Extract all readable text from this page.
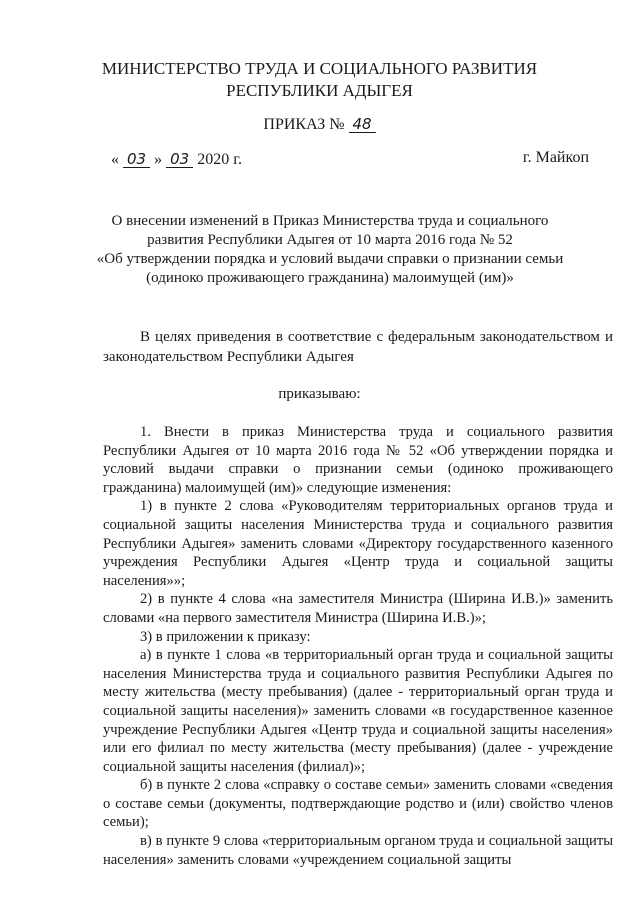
МИНИСТЕРСТВО ТРУДА И СОЦИАЛЬНОГО РАЗВИТИЯ
РЕСПУБЛИКИ АДЫГЕЯ
ПРИКАЗ № 48
« 03 » 03 2020 г.	г. Майкоп
О внесении изменений в Приказ Министерства труда и социального
развития Республики Адыгея от 10 марта 2016 года № 52
«Об утверждении порядка и условий выдачи справки о признании семьи
(одиноко проживающего гражданина) малоимущей (им)»

В целях приведения в соответствие с федеральным законодательством и законодательством Республики Адыгея

приказываю:

1. Внести в приказ Министерства труда и социального развития Республики Адыгея от 10 марта 2016 года № 52 «Об утверждении порядка и условий выдачи справки о признании семьи (одиноко проживающего гражданина) малоимущей (им)» следующие изменения:

1) в пункте 2 слова «Руководителям территориальных органов труда и социальной защиты населения Министерства труда и социального развития Республики Адыгея» заменить словами «Директору государственного казенного учреждения Республики Адыгея «Центр труда и социальной защиты населения»»;

2) в пункте 4 слова «на заместителя Министра (Ширина И.В.)» заменить словами «на первого заместителя Министра (Ширина И.В.)»;

3) в приложении к приказу:

а) в пункте 1 слова «в территориальный орган труда и социальной защиты населения Министерства труда и социального развития Республики Адыгея по месту жительства (месту пребывания) (далее - территориальный орган труда и социальной защиты населения)» заменить словами «в государственное казенное учреждение Республики Адыгея «Центр труда и социальной защиты населения» или его филиал по месту жительства (месту пребывания) (далее - учреждение социальной защиты населения (филиал)»;

б) в пункте 2 слова «справку о составе семьи» заменить словами «сведения о составе семьи (документы, подтверждающие родство и (или) свойство членов семьи);

в) в пункте 9 слова «территориальным органом труда и социальной защиты населения» заменить словами «учреждением социальной защиты
